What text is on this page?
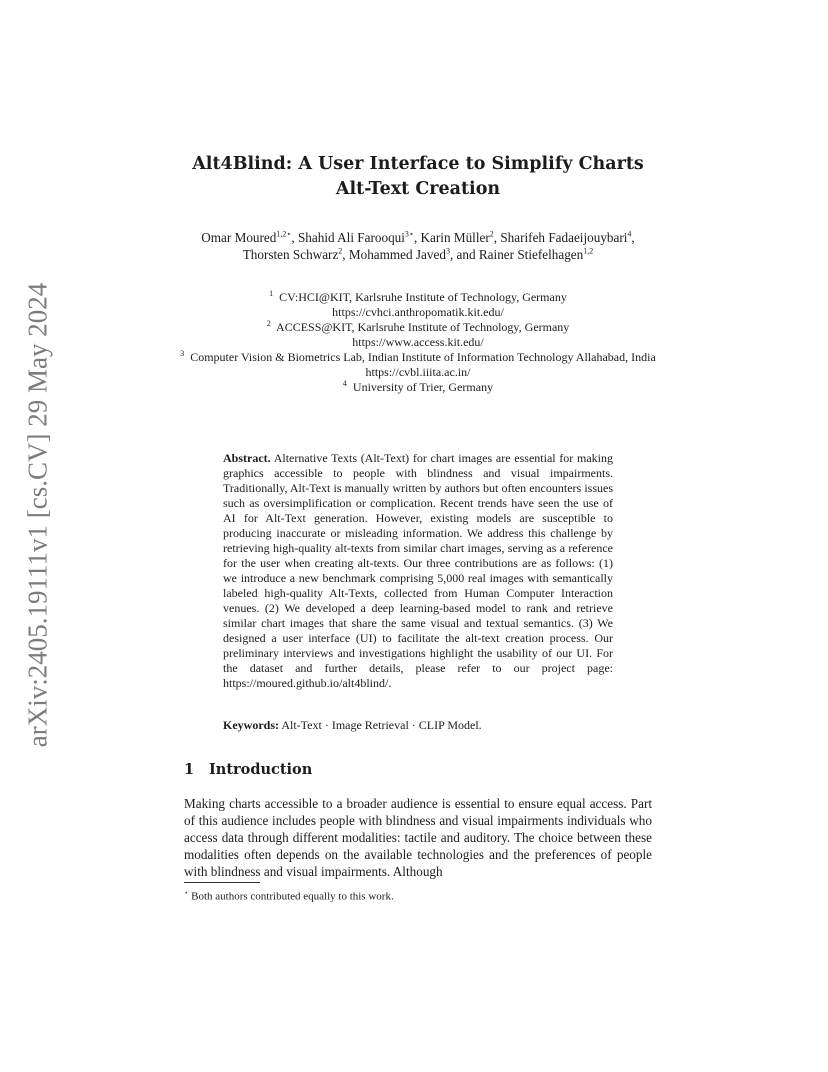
arXiv:2405.19111v1 [cs.CV] 29 May 2024
Alt4Blind: A User Interface to Simplify Charts
Alt-Text Creation
Omar Moured$^{1,2⋆}$, Shahid Ali Farooqui$^{3⋆}$, Karin Müller$^2$, Sharifeh Fadaeijouybari$^4$, Thorsten Schwarz$^2$, Mohammed Javed$^3$, and Rainer Stiefelhagen$^{1,2}$
$^1$ CV:HCI@KIT, Karlsruhe Institute of Technology, Germany
https://cvhci.anthropomatik.kit.edu/
$^2$ ACCESS@KIT, Karlsruhe Institute of Technology, Germany
https://www.access.kit.edu/
$^3$ Computer Vision & Biometrics Lab, Indian Institute of Information Technology Allahabad, India
https://cvbl.iiita.ac.in/
$^4$ University of Trier, Germany
Abstract. Alternative Texts (Alt-Text) for chart images are essential for making graphics accessible to people with blindness and visual impairments. Traditionally, Alt-Text is manually written by authors but often encounters issues such as oversimplification or complication. Recent trends have seen the use of AI for Alt-Text generation. However, existing models are susceptible to producing inaccurate or misleading information. We address this challenge by retrieving high-quality alt-texts from similar chart images, serving as a reference for the user when creating alt-texts. Our three contributions are as follows: (1) we introduce a new benchmark comprising 5,000 real images with semantically labeled high-quality Alt-Texts, collected from Human Computer Interaction venues. (2) We developed a deep learning-based model to rank and retrieve similar chart images that share the same visual and textual semantics. (3) We designed a user interface (UI) to facilitate the alt-text creation process. Our preliminary interviews and investigations highlight the usability of our UI. For the dataset and further details, please refer to our project page: https://moured.github.io/alt4blind/.
Keywords: Alt-Text · Image Retrieval · CLIP Model.
1 Introduction
Making charts accessible to a broader audience is essential to ensure equal access. Part of this audience includes people with blindness and visual impairments individuals who access data through different modalities: tactile and auditory. The choice between these modalities often depends on the available technologies and the preferences of people with blindness and visual impairments. Although
⋆ Both authors contributed equally to this work.
